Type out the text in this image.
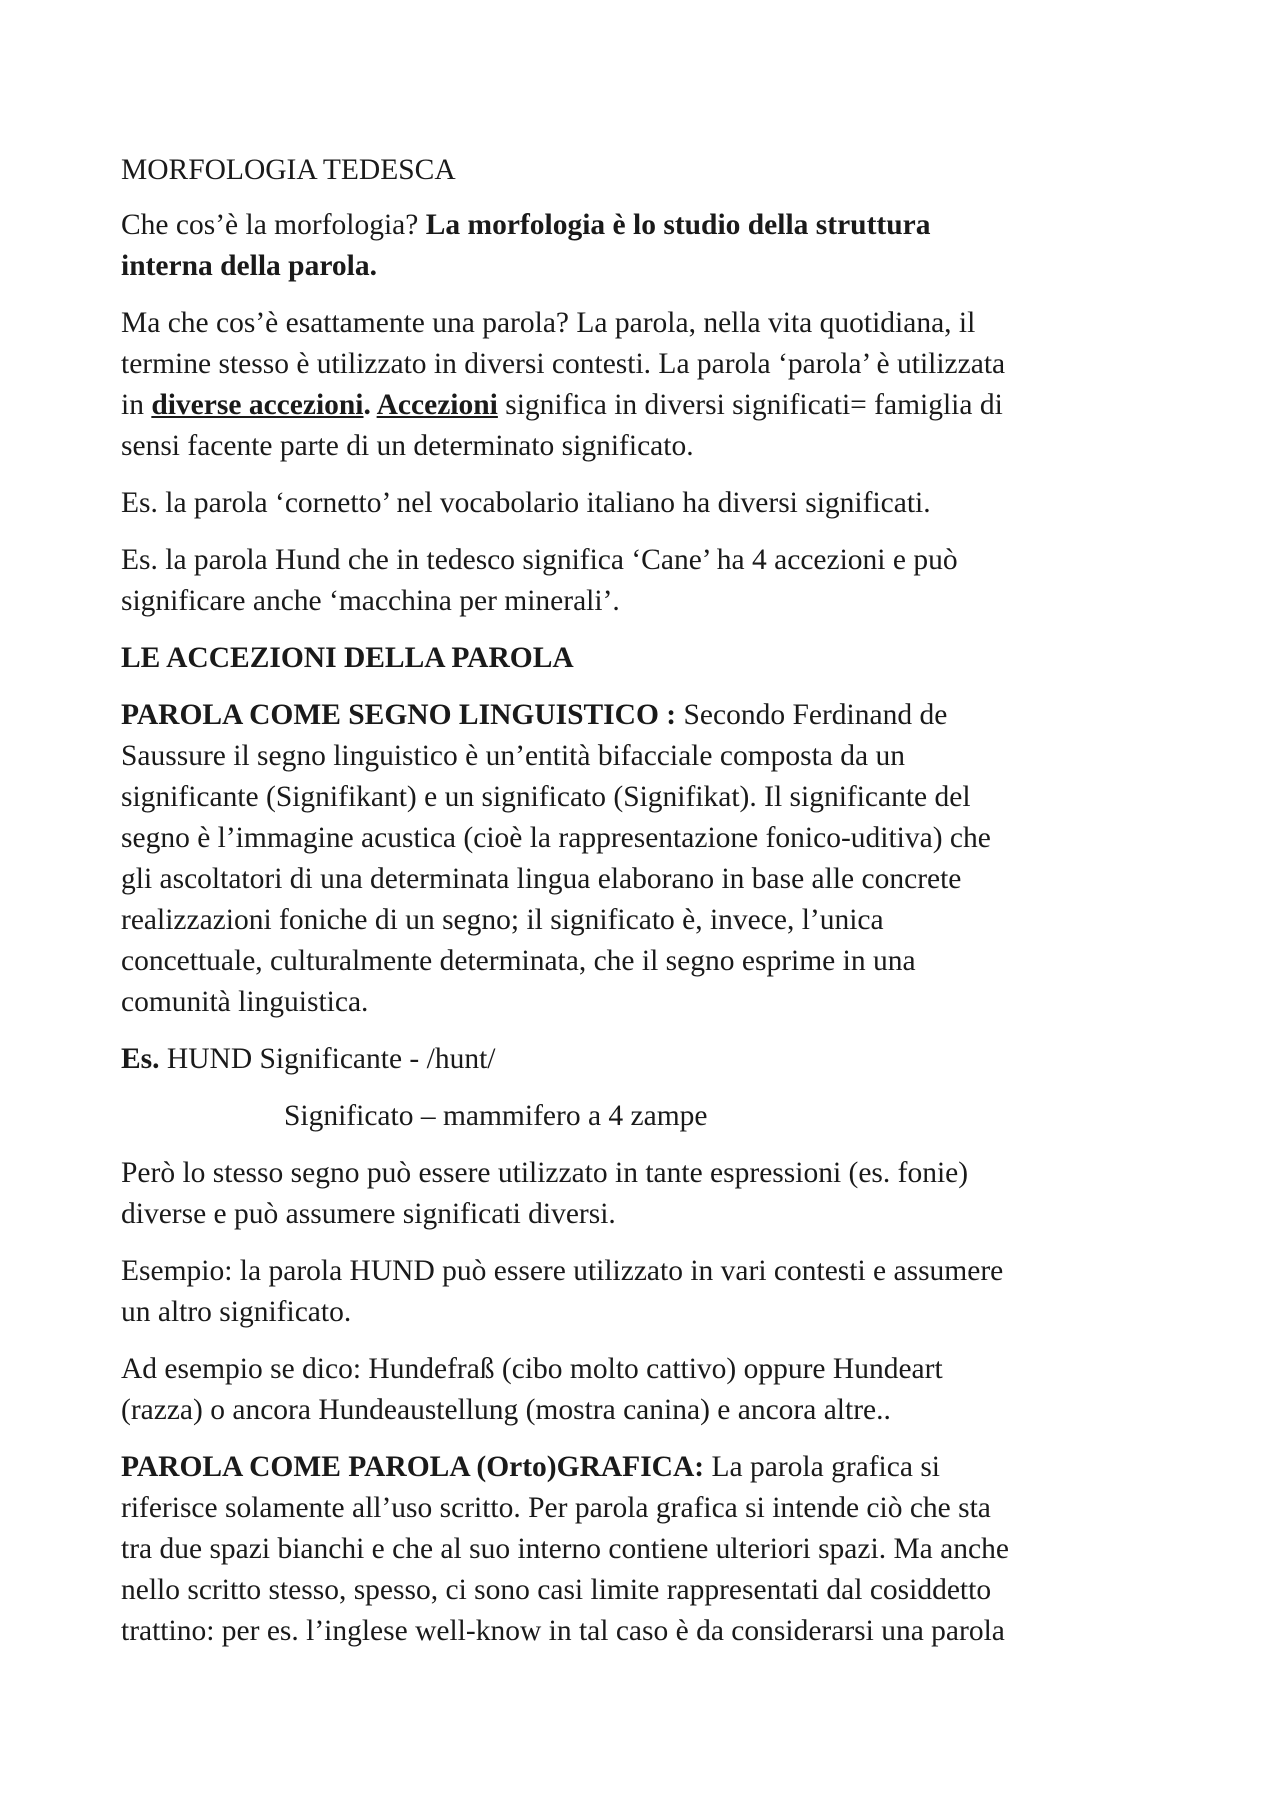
MORFOLOGIA TEDESCA

Che cos’è la morfologia? La morfologia è lo studio della struttura
interna della parola.

Ma che cos’è esattamente una parola? La parola, nella vita quotidiana, il
termine stesso è utilizzato in diversi contesti. La parola ‘parola’ è utilizzata
in diverse accezioni. Accezioni significa in diversi significati= famiglia di
sensi facente parte di un determinato significato.

Es. la parola ‘cornetto’ nel vocabolario italiano ha diversi significati.

Es. la parola Hund che in tedesco significa ‘Cane’ ha 4 accezioni e può
significare anche ‘macchina per minerali’.

LE ACCEZIONI DELLA PAROLA

PAROLA COME SEGNO LINGUISTICO : Secondo Ferdinand de
Saussure il segno linguistico è un’entità bifacciale composta da un
significante (Signifikant) e un significato (Signifikat). Il significante del
segno è l’immagine acustica (cioè la rappresentazione fonico-uditiva) che
gli ascoltatori di una determinata lingua elaborano in base alle concrete
realizzazioni foniche di un segno; il significato è, invece, l’unica
concettuale, culturalmente determinata, che il segno esprime in una
comunità linguistica.

Es. HUND Significante - /hunt/

Significato – mammifero a 4 zampe

Però lo stesso segno può essere utilizzato in tante espressioni (es. fonie)
diverse e può assumere significati diversi.

Esempio: la parola HUND può essere utilizzato in vari contesti e assumere
un altro significato.

Ad esempio se dico: Hundefraß (cibo molto cattivo) oppure Hundeart
(razza) o ancora Hundeaustellung (mostra canina) e ancora altre..

PAROLA COME PAROLA (Orto)GRAFICA: La parola grafica si
riferisce solamente all’uso scritto. Per parola grafica si intende ciò che sta
tra due spazi bianchi e che al suo interno contiene ulteriori spazi. Ma anche
nello scritto stesso, spesso, ci sono casi limite rappresentati dal cosiddetto
trattino: per es. l’inglese well-know in tal caso è da considerarsi una parola
